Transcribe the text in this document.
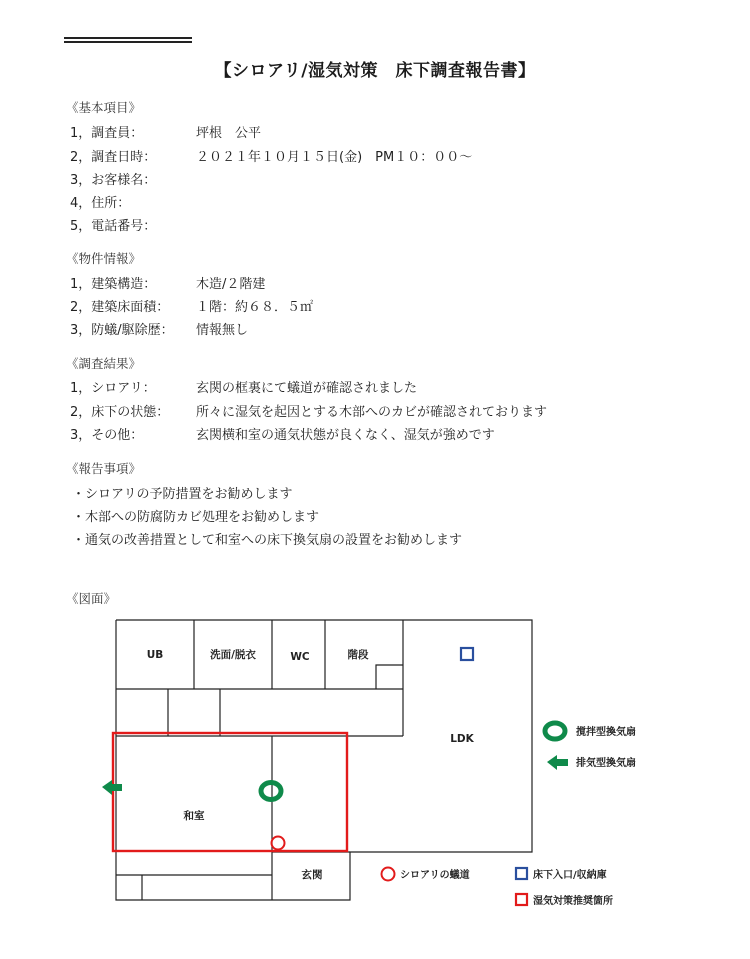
【シロアリ/湿気対策　床下調査報告書】
《基本項目》
1，調査員：	坪根　公平
2，調査日時：	２０２１年１０月１５日(金)　PM１０：００～
3，お客様名：
4，住所：
5，電話番号：
《物件情報》
1，建築構造：	木造/２階建
2，建築床面積： １階：約６８．５㎡
3，防蟻/駆除歴： 情報無し
《調査結果》
1，シロアリ：	玄関の框裏にて蟻道が確認されました
2，床下の状態： 所々に湿気を起因とする木部へのカビが確認されております
3，その他：	玄関横和室の通気状態が良くなく、湿気が強めです
《報告事項》
・シロアリの予防措置をお勧めします
・木部への防腐防カビ処理をお勧めします
・通気の改善措置として和室への床下換気扇の設置をお勧めします
《図面》
UB	洗面/脱衣	WC	階段
LDK
和室
玄関
撹拌型換気扇
排気型換気扇
シロアリの蟻道	床下入口/収納庫
湿気対策推奨箇所
